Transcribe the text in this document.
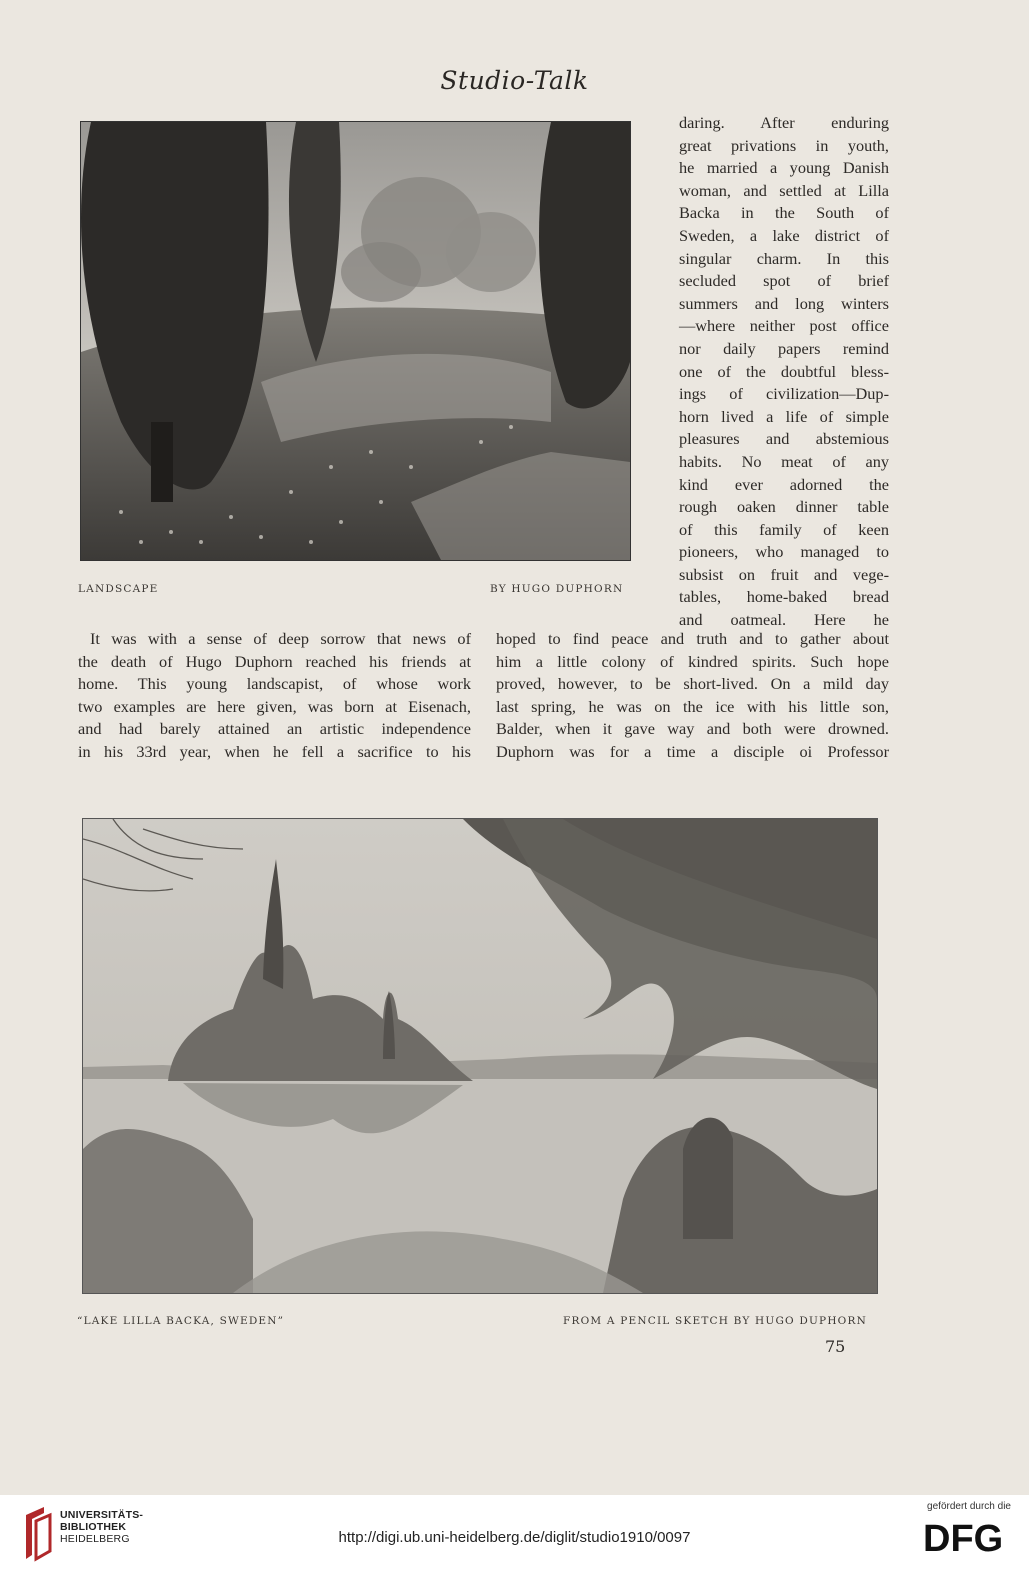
Studio-Talk
LANDSCAPE	BY HUGO DUPHORN
daring. After enduring
great privations in youth,
he married a young Danish
woman, and settled at Lilla
Backa in the South of
Sweden, a lake district of
singular charm. In this
secluded spot of brief
summers and long winters
—where neither post office
nor daily papers remind
one of the doubtful bless-
ings of civilization—Dup-
horn lived a life of simple
pleasures and abstemious
habits. No meat of any
kind ever adorned the
rough oaken dinner table
of this family of keen
pioneers, who managed to
subsist on fruit and vege-
tables, home-baked bread
and oatmeal. Here he
It was with a sense of deep sorrow that news of
the death of Hugo Duphorn reached his friends at
home. This young landscapist, of whose work
two examples are here given, was born at Eisenach,
and had barely attained an artistic independence
in his 33rd year, when he fell a sacrifice to his
hoped to find peace and truth and to gather about
him a little colony of kindred spirits. Such hope
proved, however, to be short-lived. On a mild day
last spring, he was on the ice with his little son,
Balder, when it gave way and both were drowned.
Duphorn was for a time a disciple oi Professor
“LAKE LILLA BACKA, SWEDEN”	FROM A PENCIL SKETCH BY HUGO DUPHORN
75
UNIVERSITÄTS-
BIBLIOTHEK
HEIDELBERG	http://digi.ub.uni-heidelberg.de/diglit/studio1910/0097
gefördert durch die
DFG
